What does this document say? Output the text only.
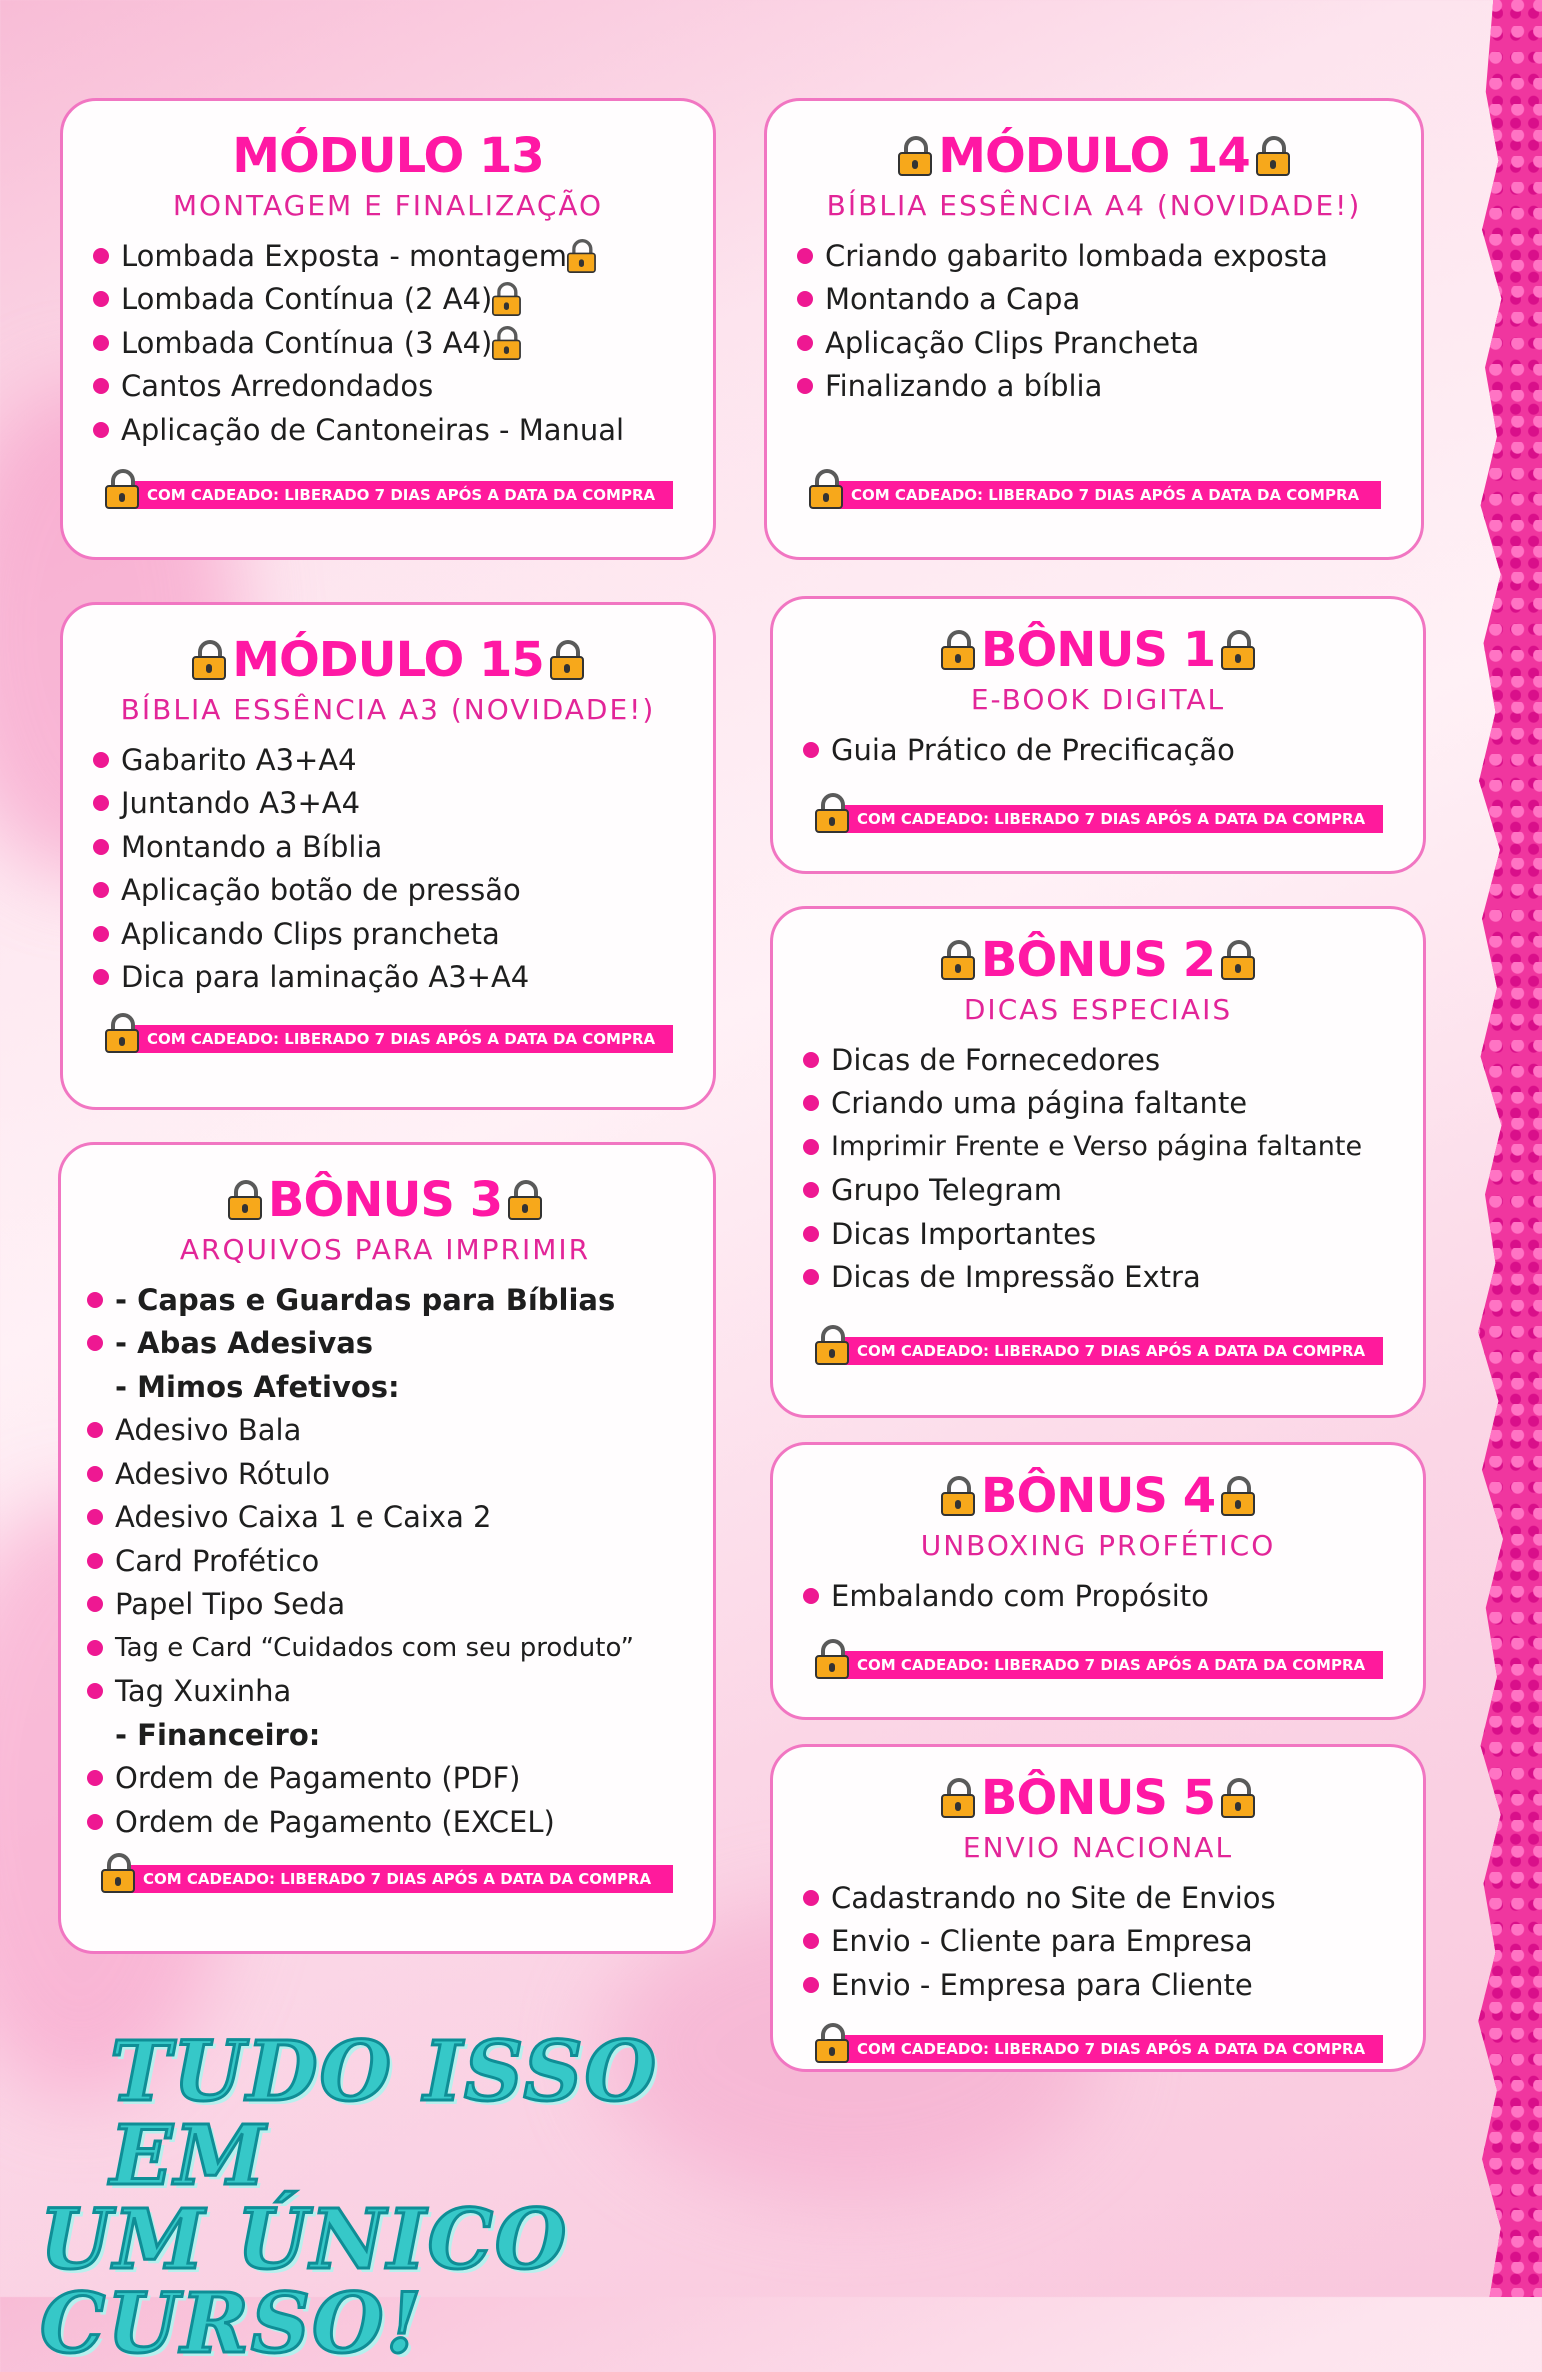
MÓDULO 13
MONTAGEM E FINALIZAÇÃO
Lombada Exposta - montagem
Lombada Contínua (2 A4)
Lombada Contínua (3 A4)
Cantos Arredondados
Aplicação de Cantoneiras - Manual
COM CADEADO: LIBERADO 7 DIAS APÓS A DATA DA COMPRA
MÓDULO 14
BÍBLIA ESSÊNCIA A4 (NOVIDADE!)
Criando gabarito lombada exposta
Montando a Capa
Aplicação Clips Prancheta
Finalizando a bíblia
COM CADEADO: LIBERADO 7 DIAS APÓS A DATA DA COMPRA
MÓDULO 15
BÍBLIA ESSÊNCIA A3 (NOVIDADE!)
Gabarito A3+A4
Juntando A3+A4
Montando a Bíblia
Aplicação botão de pressão
Aplicando Clips prancheta
Dica para laminação A3+A4
COM CADEADO: LIBERADO 7 DIAS APÓS A DATA DA COMPRA
BÔNUS 1
E-BOOK DIGITAL
Guia Prático de Precificação
COM CADEADO: LIBERADO 7 DIAS APÓS A DATA DA COMPRA
BÔNUS 2
DICAS ESPECIAIS
Dicas de Fornecedores
Criando uma página faltante
Imprimir Frente e Verso página faltante
Grupo Telegram
Dicas Importantes
Dicas de Impressão Extra
COM CADEADO: LIBERADO 7 DIAS APÓS A DATA DA COMPRA
BÔNUS 3
ARQUIVOS PARA IMPRIMIR
- Capas e Guardas para Bíblias
- Abas Adesivas
- Mimos Afetivos:
Adesivo Bala
Adesivo Rótulo
Adesivo Caixa 1 e Caixa 2
Card Profético
Papel Tipo Seda
Tag e Card “Cuidados com seu produto”
Tag Xuxinha
- Financeiro:
Ordem de Pagamento (PDF)
Ordem de Pagamento (EXCEL)
COM CADEADO: LIBERADO 7 DIAS APÓS A DATA DA COMPRA
BÔNUS 4
UNBOXING PROFÉTICO
Embalando com Propósito
COM CADEADO: LIBERADO 7 DIAS APÓS A DATA DA COMPRA
BÔNUS 5
ENVIO NACIONAL
Cadastrando no Site de Envios
Envio - Cliente para Empresa
Envio - Empresa para Cliente
COM CADEADO: LIBERADO 7 DIAS APÓS A DATA DA COMPRA
TUDO ISSO EM
UM ÚNICO CURSO!
